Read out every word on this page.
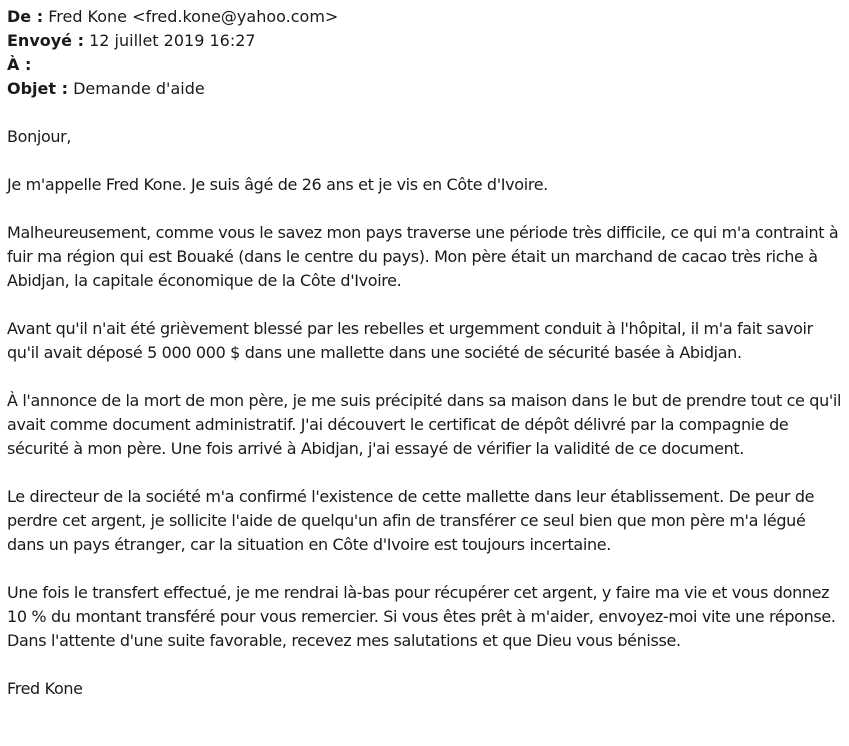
De : Fred Kone <fred.kone@yahoo.com>
Envoyé : 12 juillet 2019 16:27
À :
Objet : Demande d'aide

Bonjour,

Je m'appelle Fred Kone. Je suis âgé de 26 ans et je vis en Côte d'Ivoire.

Malheureusement, comme vous le savez mon pays traverse une période très difficile, ce qui m'a contraint à fuir ma région qui est Bouaké (dans le centre du pays). Mon père était un marchand de cacao très riche à Abidjan, la capitale économique de la Côte d'Ivoire.

Avant qu'il n'ait été grièvement blessé par les rebelles et urgemment conduit à l'hôpital, il m'a fait savoir qu'il avait déposé 5 000 000 $ dans une mallette dans une société de sécurité basée à Abidjan.

À l'annonce de la mort de mon père, je me suis précipité dans sa maison dans le but de prendre tout ce qu'il avait comme document administratif. J'ai découvert le certificat de dépôt délivré par la compagnie de sécurité à mon père. Une fois arrivé à Abidjan, j'ai essayé de vérifier la validité de ce document.

Le directeur de la société m'a confirmé l'existence de cette mallette dans leur établissement. De peur de perdre cet argent, je sollicite l'aide de quelqu'un afin de transférer ce seul bien que mon père m'a légué dans un pays étranger, car la situation en Côte d'Ivoire est toujours incertaine.

Une fois le transfert effectué, je me rendrai là-bas pour récupérer cet argent, y faire ma vie et vous donnez 10 % du montant transféré pour vous remercier. Si vous êtes prêt à m'aider, envoyez-moi vite une réponse. Dans l'attente d'une suite favorable, recevez mes salutations et que Dieu vous bénisse.

Fred Kone
